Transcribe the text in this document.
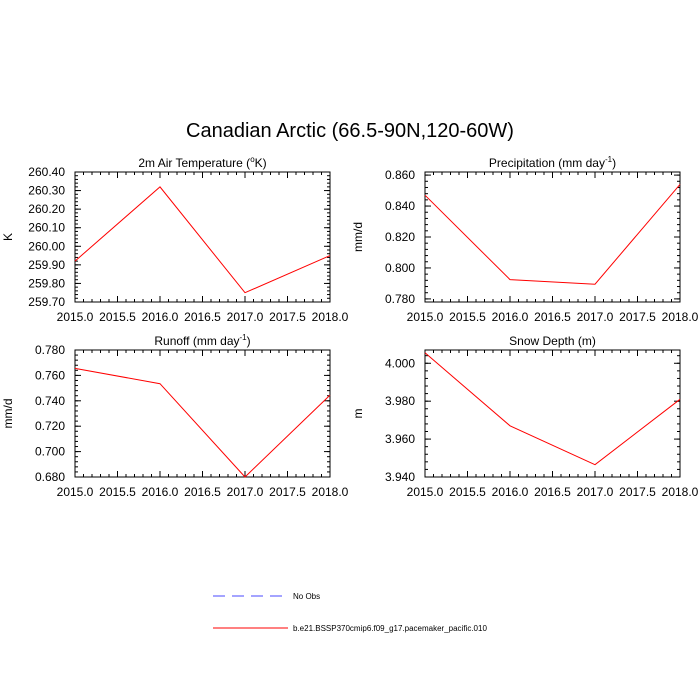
Canadian Arctic (66.5-90N,120-60W)
2m Air Temperature ($^o$K)
K
2015.0 2015.5 2016.0 2016.5 2017.0 2017.5 2018.0
259.70
259.80
259.90
260.00
260.10
260.20
260.30
260.40
Precipitation (mm day$^{-1}$)
mm/d
2015.0 2015.5 2016.0 2016.5 2017.0 2017.5 2018.0
0.780
0.800
0.820
0.840
0.860
Runoff (mm day$^{-1}$)
mm/d
2015.0 2015.5 2016.0 2016.5 2017.0 2017.5 2018.0
0.680
0.700
0.720
0.740
0.760
0.780
Snow Depth (m)
m
2015.0 2015.5 2016.0 2016.5 2017.0 2017.5 2018.0
3.940
3.960
3.980
4.000
No Obs
b.e21.BSSP370cmip6.f09_g17.pacemaker_pacific.010
